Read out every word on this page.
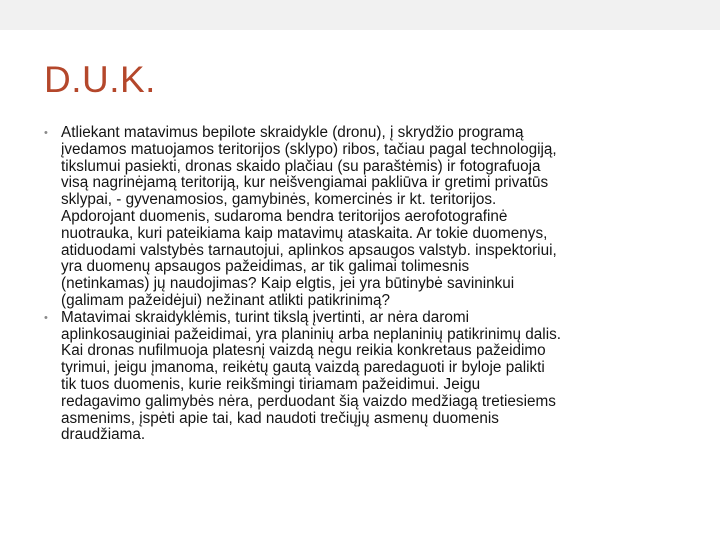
D.U.K.
• Atliekant matavimus bepilote skraidykle (dronu), į skrydžio programą
įvedamos matuojamos teritorijos (sklypo) ribos, tačiau pagal technologiją,
tikslumui pasiekti, dronas skaido plačiau (su paraštėmis) ir fotografuoja
visą nagrinėjamą teritoriją, kur neišvengiamai pakliūva ir gretimi privatūs
sklypai, - gyvenamosios, gamybinės, komercinės ir kt. teritorijos.
Apdorojant duomenis, sudaroma bendra teritorijos aerofotografinė
nuotrauka, kuri pateikiama kaip matavimų ataskaita. Ar tokie duomenys,
atiduodami valstybės tarnautojui, aplinkos apsaugos valstyb. inspektoriui,
yra duomenų apsaugos pažeidimas, ar tik galimai tolimesnis
(netinkamas) jų naudojimas? Kaip elgtis, jei yra būtinybė savininkui
(galimam pažeidėjui) nežinant atlikti patikrinimą?
• Matavimai skraidyklėmis, turint tikslą įvertinti, ar nėra daromi
aplinkosauginiai pažeidimai, yra planinių arba neplaninių patikrinimų dalis.
Kai dronas nufilmuoja platesnį vaizdą negu reikia konkretaus pažeidimo
tyrimui, jeigu įmanoma, reikėtų gautą vaizdą paredaguoti ir byloje palikti
tik tuos duomenis, kurie reikšmingi tiriamam pažeidimui. Jeigu
redagavimo galimybės nėra, perduodant šią vaizdo medžiagą tretiesiems
asmenims, įspėti apie tai, kad naudoti trečiųjų asmenų duomenis
draudžiama.
